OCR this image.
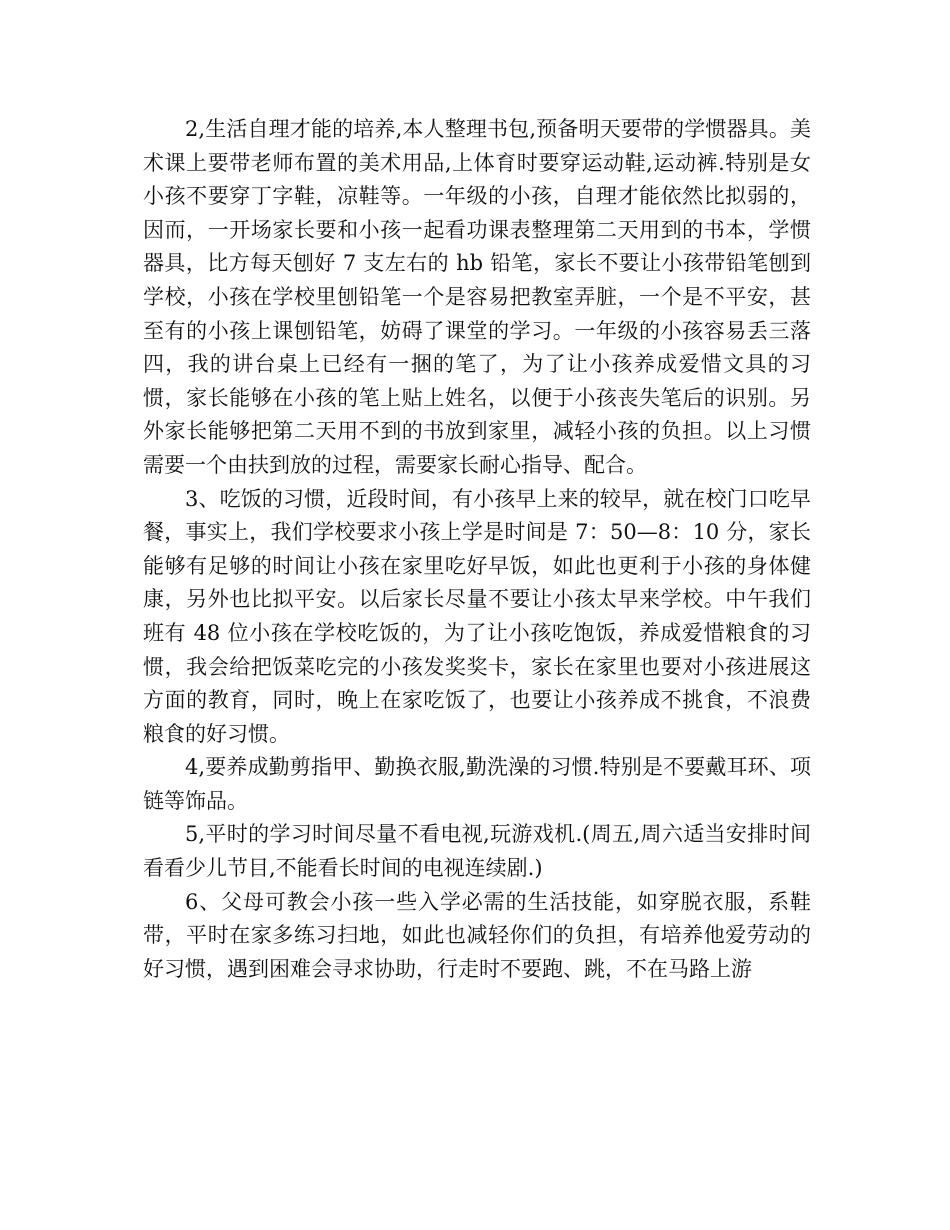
2,生活自理才能的培养,本人整理书包,预备明天要带的学惯器具。美术课上要带老师布置的美术用品,上体育时要穿运动鞋,运动裤.特别是女小孩不要穿丁字鞋，凉鞋等。一年级的小孩，自理才能依然比拟弱的，因而，一开场家长要和小孩一起看功课表整理第二天用到的书本，学惯器具，比方每天刨好 7 支左右的 hb 铅笔，家长不要让小孩带铅笔刨到学校，小孩在学校里刨铅笔一个是容易把教室弄脏，一个是不平安，甚至有的小孩上课刨铅笔，妨碍了课堂的学习。一年级的小孩容易丢三落四，我的讲台桌上已经有一捆的笔了，为了让小孩养成爱惜文具的习惯，家长能够在小孩的笔上贴上姓名，以便于小孩丧失笔后的识别。另外家长能够把第二天用不到的书放到家里，减轻小孩的负担。以上习惯需要一个由扶到放的过程，需要家长耐心指导、配合。

3、吃饭的习惯，近段时间，有小孩早上来的较早，就在校门口吃早餐，事实上，我们学校要求小孩上学是时间是 7：50—8：10 分，家长能够有足够的时间让小孩在家里吃好早饭，如此也更利于小孩的身体健康，另外也比拟平安。以后家长尽量不要让小孩太早来学校。中午我们班有 48 位小孩在学校吃饭的，为了让小孩吃饱饭，养成爱惜粮食的习惯，我会给把饭菜吃完的小孩发奖奖卡，家长在家里也要对小孩进展这方面的教育，同时，晚上在家吃饭了，也要让小孩养成不挑食，不浪费粮食的好习惯。

4,要养成勤剪指甲、勤换衣服,勤洗澡的习惯.特别是不要戴耳环、项链等饰品。

5,平时的学习时间尽量不看电视,玩游戏机.(周五,周六适当安排时间看看少儿节目,不能看长时间的电视连续剧.)

6、父母可教会小孩一些入学必需的生活技能，如穿脱衣服，系鞋带，平时在家多练习扫地，如此也减轻你们的负担，有培养他爱劳动的好习惯，遇到困难会寻求协助，行走时不要跑、跳，不在马路上游
